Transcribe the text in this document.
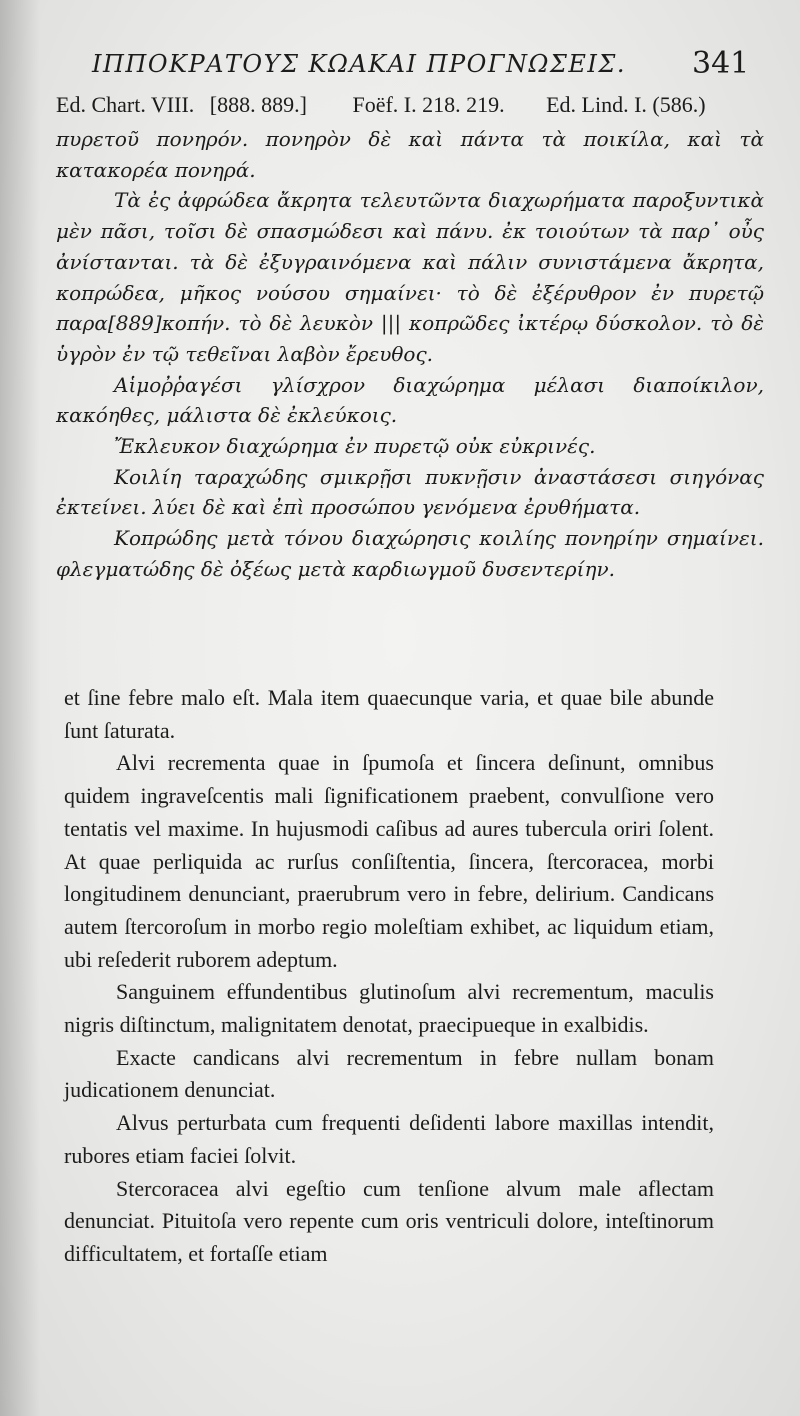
ΙΠΠΟΚΡΑΤΟΥΣ ΚΩΑΚΑΙ ΠΡΟΓΝΩΣΕΙΣ. 341
Ed. Chart. VIII. [888. 889.] Foëf. I. 218. 219. Ed. Lind. I. (586.)

πυρετοῦ πονηρόν. πονηρὸν δὲ καὶ πάντα τὰ ποικίλα, καὶ τὰ κατακορέα πονηρά.

Τὰ ἐς ἀφρώδεα ἄκρητα τελευτῶντα διαχωρήματα παροξυντικὰ μὲν πᾶσι, τοῖσι δὲ σπασμώδεσι καὶ πάνυ. ἐκ τοιούτων τὰ παρ᾽ οὖς ἀνίστανται. τὰ δὲ ἐξυγραινόμενα καὶ πάλιν συνιστάμενα ἄκρητα, κοπρώδεα, μῆκος νούσου σημαίνει· τὸ δὲ ἐξέρυθρον ἐν πυρετῷ παρα[889]κοπήν. τὸ δὲ λευκὸν ||| κοπρῶδες ἰκτέρῳ δύσκολον. τὸ δὲ ὑγρὸν ἐν τῷ τεθεῖναι λαβὸν ἔρευθος.

Αἱμοῤῥαγέσι γλίσχρον διαχώρημα μέλασι διαποίκιλον, κακόηθες, μάλιστα δὲ ἐκλεύκοις.

Ἔκλευκον διαχώρημα ἐν πυρετῷ οὐκ εὐκρινές.

Κοιλίη ταραχώδης σμικρῇσι πυκνῇσιν ἀναστάσεσι σιηγόνας ἐκτείνει. λύει δὲ καὶ ἐπὶ προσώπου γενόμενα ἐρυθήματα.

Κοπρώδης μετὰ τόνου διαχώρησις κοιλίης πονηρίην σημαίνει. φλεγματώδης δὲ ὀξέως μετὰ καρδιωγμοῦ δυσεντερίην.

et ſine febre malo eſt. Mala item quaecunque varia, et quae bile abunde ſunt ſaturata.

Alvi recrementa quae in ſpumoſa et ſincera deſinunt, omnibus quidem ingraveſcentis mali ſignificationem praebent, convulſione vero tentatis vel maxime. In hujusmodi caſibus ad aures tubercula oriri ſolent. At quae perliquida ac rurſus conſiſtentia, ſincera, ſtercoracea, morbi longitudinem denunciant, praerubrum vero in febre, delirium. Candicans autem ſtercoroſum in morbo regio moleſtiam exhibet, ac liquidum etiam, ubi reſederit ruborem adeptum.

Sanguinem effundentibus glutinoſum alvi recrementum, maculis nigris diſtinctum, malignitatem denotat, praecipueque in exalbidis.

Exacte candicans alvi recrementum in febre nullam bonam judicationem denunciat.

Alvus perturbata cum frequenti deſidenti labore maxillas intendit, rubores etiam faciei ſolvit.

Stercoracea alvi egeſtio cum tenſione alvum male aflectam denunciat. Pituitoſa vero repente cum oris ventriculi dolore, inteſtinorum difficultatem, et fortaſſe etiam
